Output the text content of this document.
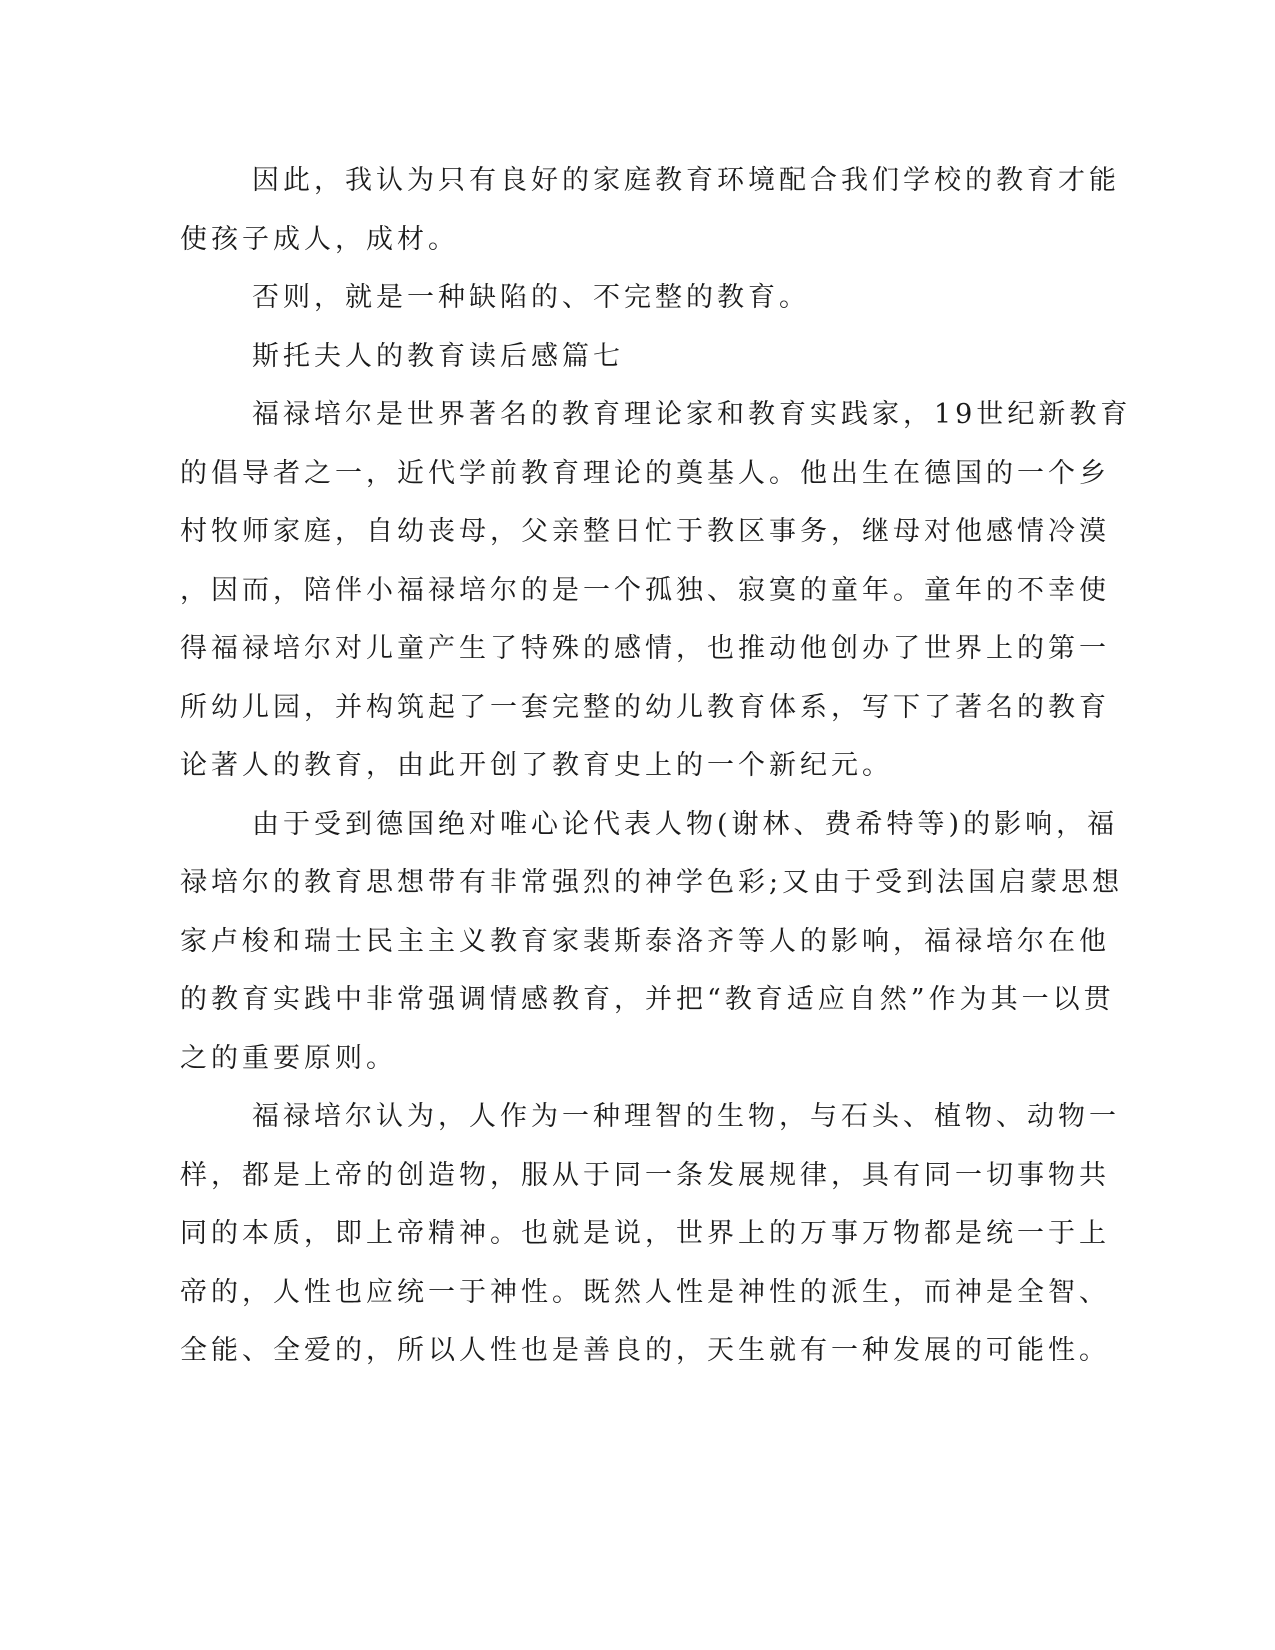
因此，我认为只有良好的家庭教育环境配合我们学校的教育才能
使孩子成人，成材。
否则，就是一种缺陷的、不完整的教育。
斯托夫人的教育读后感篇七
福禄培尔是世界著名的教育理论家和教育实践家，19世纪新教育
的倡导者之一，近代学前教育理论的奠基人。他出生在德国的一个乡
村牧师家庭，自幼丧母，父亲整日忙于教区事务，继母对他感情冷漠
，因而，陪伴小福禄培尔的是一个孤独、寂寞的童年。童年的不幸使
得福禄培尔对儿童产生了特殊的感情，也推动他创办了世界上的第一
所幼儿园，并构筑起了一套完整的幼儿教育体系，写下了著名的教育
论著人的教育，由此开创了教育史上的一个新纪元。
由于受到德国绝对唯心论代表人物(谢林、费希特等)的影响，福
禄培尔的教育思想带有非常强烈的神学色彩;又由于受到法国启蒙思想
家卢梭和瑞士民主主义教育家裴斯泰洛齐等人的影响，福禄培尔在他
的教育实践中非常强调情感教育，并把“教育适应自然”作为其一以贯
之的重要原则。
福禄培尔认为，人作为一种理智的生物，与石头、植物、动物一
样，都是上帝的创造物，服从于同一条发展规律，具有同一切事物共
同的本质，即上帝精神。也就是说，世界上的万事万物都是统一于上
帝的，人性也应统一于神性。既然人性是神性的派生，而神是全智、
全能、全爱的，所以人性也是善良的，天生就有一种发展的可能性。
